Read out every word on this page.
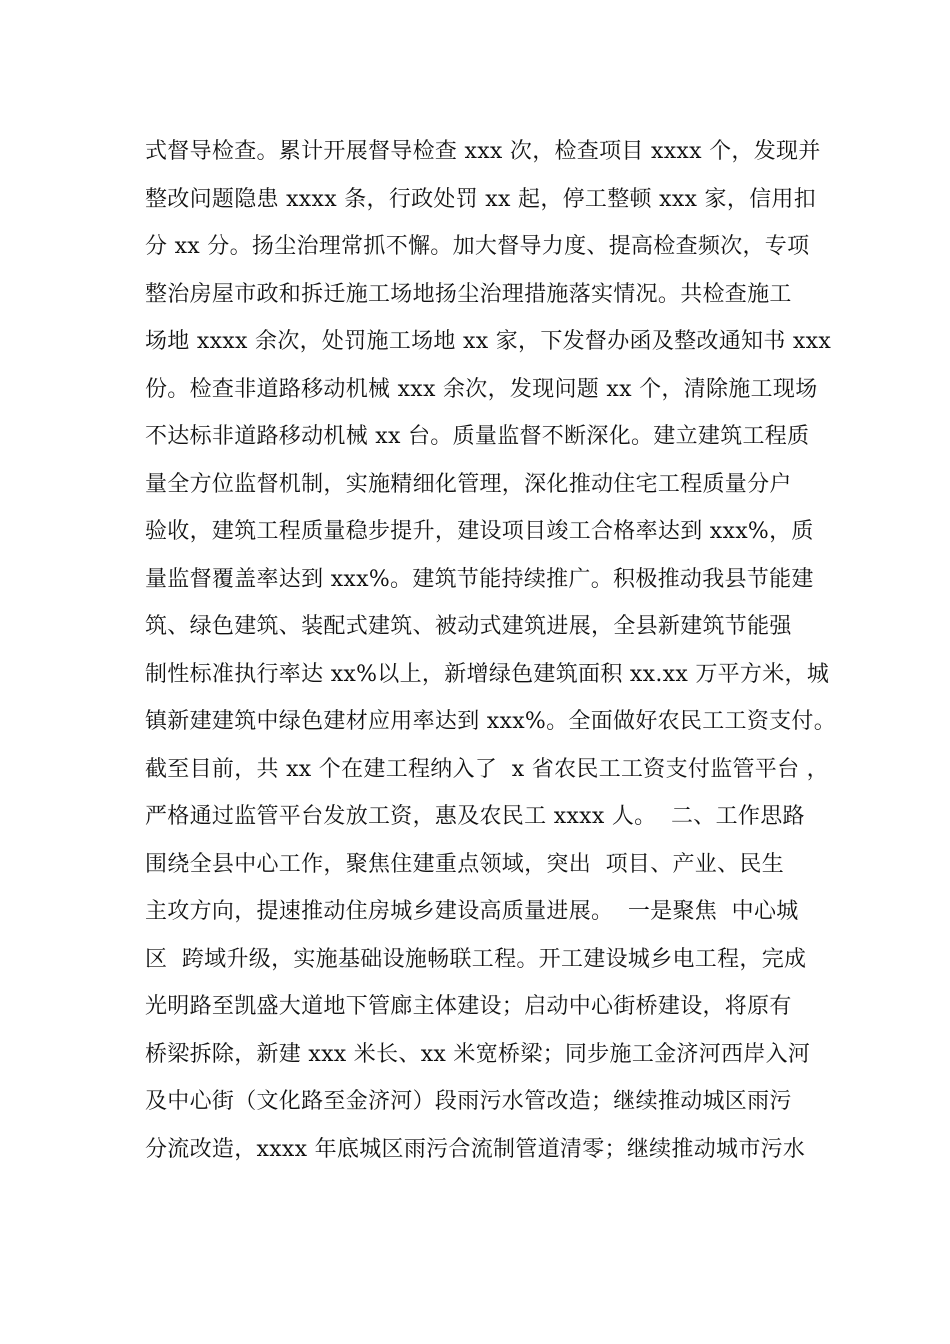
式督导检查。累计开展督导检查 xxx 次，检查项目 xxxx 个，发现并
整改问题隐患 xxxx 条，行政处罚 xx 起，停工整顿 xxx 家，信用扣
分 xx 分。扬尘治理常抓不懈。加大督导力度、提高检查频次，专项
整治房屋市政和拆迁施工场地扬尘治理措施落实情况。共检查施工
场地 xxxx 余次，处罚施工场地 xx 家，下发督办函及整改通知书 xxx
份。检查非道路移动机械 xxx 余次，发现问题 xx 个，清除施工现场
不达标非道路移动机械 xx 台。质量监督不断深化。建立建筑工程质
量全方位监督机制，实施精细化管理，深化推动住宅工程质量分户
验收，建筑工程质量稳步提升，建设项目竣工合格率达到 xxx%，质
量监督覆盖率达到 xxx%。建筑节能持续推广。积极推动我县节能建
筑、绿色建筑、装配式建筑、被动式建筑进展，全县新建筑节能强
制性标准执行率达 xx%以上，新增绿色建筑面积 xx.xx 万平方米，城
镇新建建筑中绿色建材应用率达到 xxx%。全面做好农民工工资支付。
截至目前，共 xx 个在建工程纳入了  x 省农民工工资支付监管平台 ，
严格通过监管平台发放工资，惠及农民工 xxxx 人。  二、工作思路
围绕全县中心工作，聚焦住建重点领域，突出  项目、产业、民生
主攻方向，提速推动住房城乡建设高质量进展。  一是聚焦  中心城
区  跨域升级，实施基础设施畅联工程。开工建设城乡电工程，完成
光明路至凯盛大道地下管廊主体建设；启动中心街桥建设，将原有
桥梁拆除，新建 xxx 米长、xx 米宽桥梁；同步施工金济河西岸入河
及中心街（文化路至金济河）段雨污水管改造；继续推动城区雨污
分流改造，xxxx 年底城区雨污合流制管道清零；继续推动城市污水
